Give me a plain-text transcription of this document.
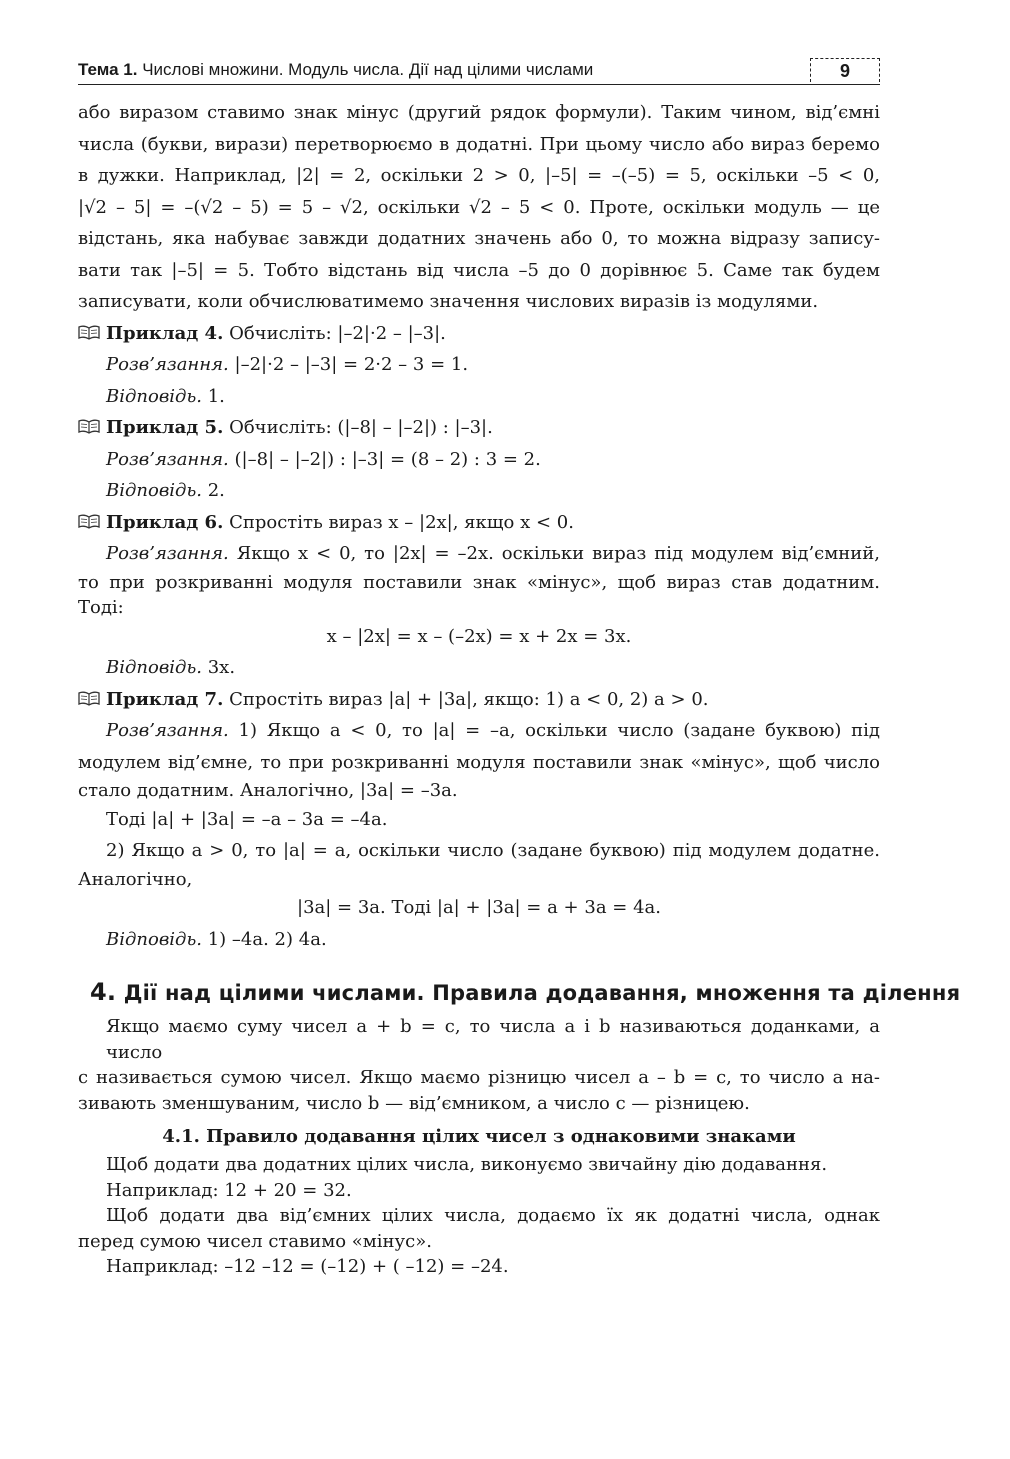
Тема 1. Числові множини. Модуль числа. Дії над цілими числами	9
або виразом ставимо знак мінус (другий рядок формули). Таким чином, від’ємні
числа (букви, вирази) перетворюємо в додатні. При цьому число або вираз беремо
в дужки. Наприклад, |2| = 2, оскільки 2 > 0, |–5| = –(–5) = 5, оскільки –5 < 0,
|√2 – 5| = –(√2 – 5) = 5 – √2, оскільки √2 – 5 < 0. Проте, оскільки модуль — це
відстань, яка набуває завжди додатних значень або 0, то можна відразу запису-
вати так |–5| = 5. Тобто відстань від числа –5 до 0 дорівнює 5. Саме так будем
записувати, коли обчислюватимемо значення числових виразів із модулями.
Приклад 4. Обчисліть: |–2|·2 – |–3|.
Розв’язання. |–2|·2 – |–3| = 2·2 – 3 = 1.
Відповідь. 1.
Приклад 5. Обчисліть: (|–8| – |–2|) : |–3|.
Розв’язання. (|–8| – |–2|) : |–3| = (8 – 2) : 3 = 2.
Відповідь. 2.
Приклад 6. Спростіть вираз x – |2x|, якщо x < 0.
Розв’язання. Якщо x < 0, то |2x| = –2x. оскільки вираз під модулем від’ємний,
то при розкриванні модуля поставили знак «мінус», щоб вираз став додатним.
Тоді:
x – |2x| = x – (–2x) = x + 2x = 3x.
Відповідь. 3x.
Приклад 7. Спростіть вираз |a| + |3a|, якщо: 1) a < 0, 2) a > 0.
Розв’язання. 1) Якщо a < 0, то |a| = –a, оскільки число (задане буквою) під
модулем від’ємне, то при розкриванні модуля поставили знак «мінус», щоб число
стало додатним. Аналогічно, |3a| = –3a.
Тоді |a| + |3a| = –a – 3a = –4a.
2) Якщо a > 0, то |a| = a, оскільки число (задане буквою) під модулем додатне.
Аналогічно,
|3a| = 3a. Тоді |a| + |3a| = a + 3a = 4a.
Відповідь. 1) –4a. 2) 4a.
4. Дії над цілими числами. Правила додавання, множення та ділення
Якщо маємо суму чисел a + b = c, то числа a і b називаються доданками, а число
c називається сумою чисел. Якщо маємо різницю чисел a – b = c, то число a на-
зивають зменшуваним, число b — від’ємником, а число c — різницею.
4.1. Правило додавання цілих чисел з однаковими знаками
Щоб додати два додатних цілих числа, виконуємо звичайну дію додавання.
Наприклад: 12 + 20 = 32.
Щоб додати два від’ємних цілих числа, додаємо їх як додатні числа, однак
перед сумою чисел ставимо «мінус».
Наприклад: –12 –12 = (–12) + ( –12) = –24.
